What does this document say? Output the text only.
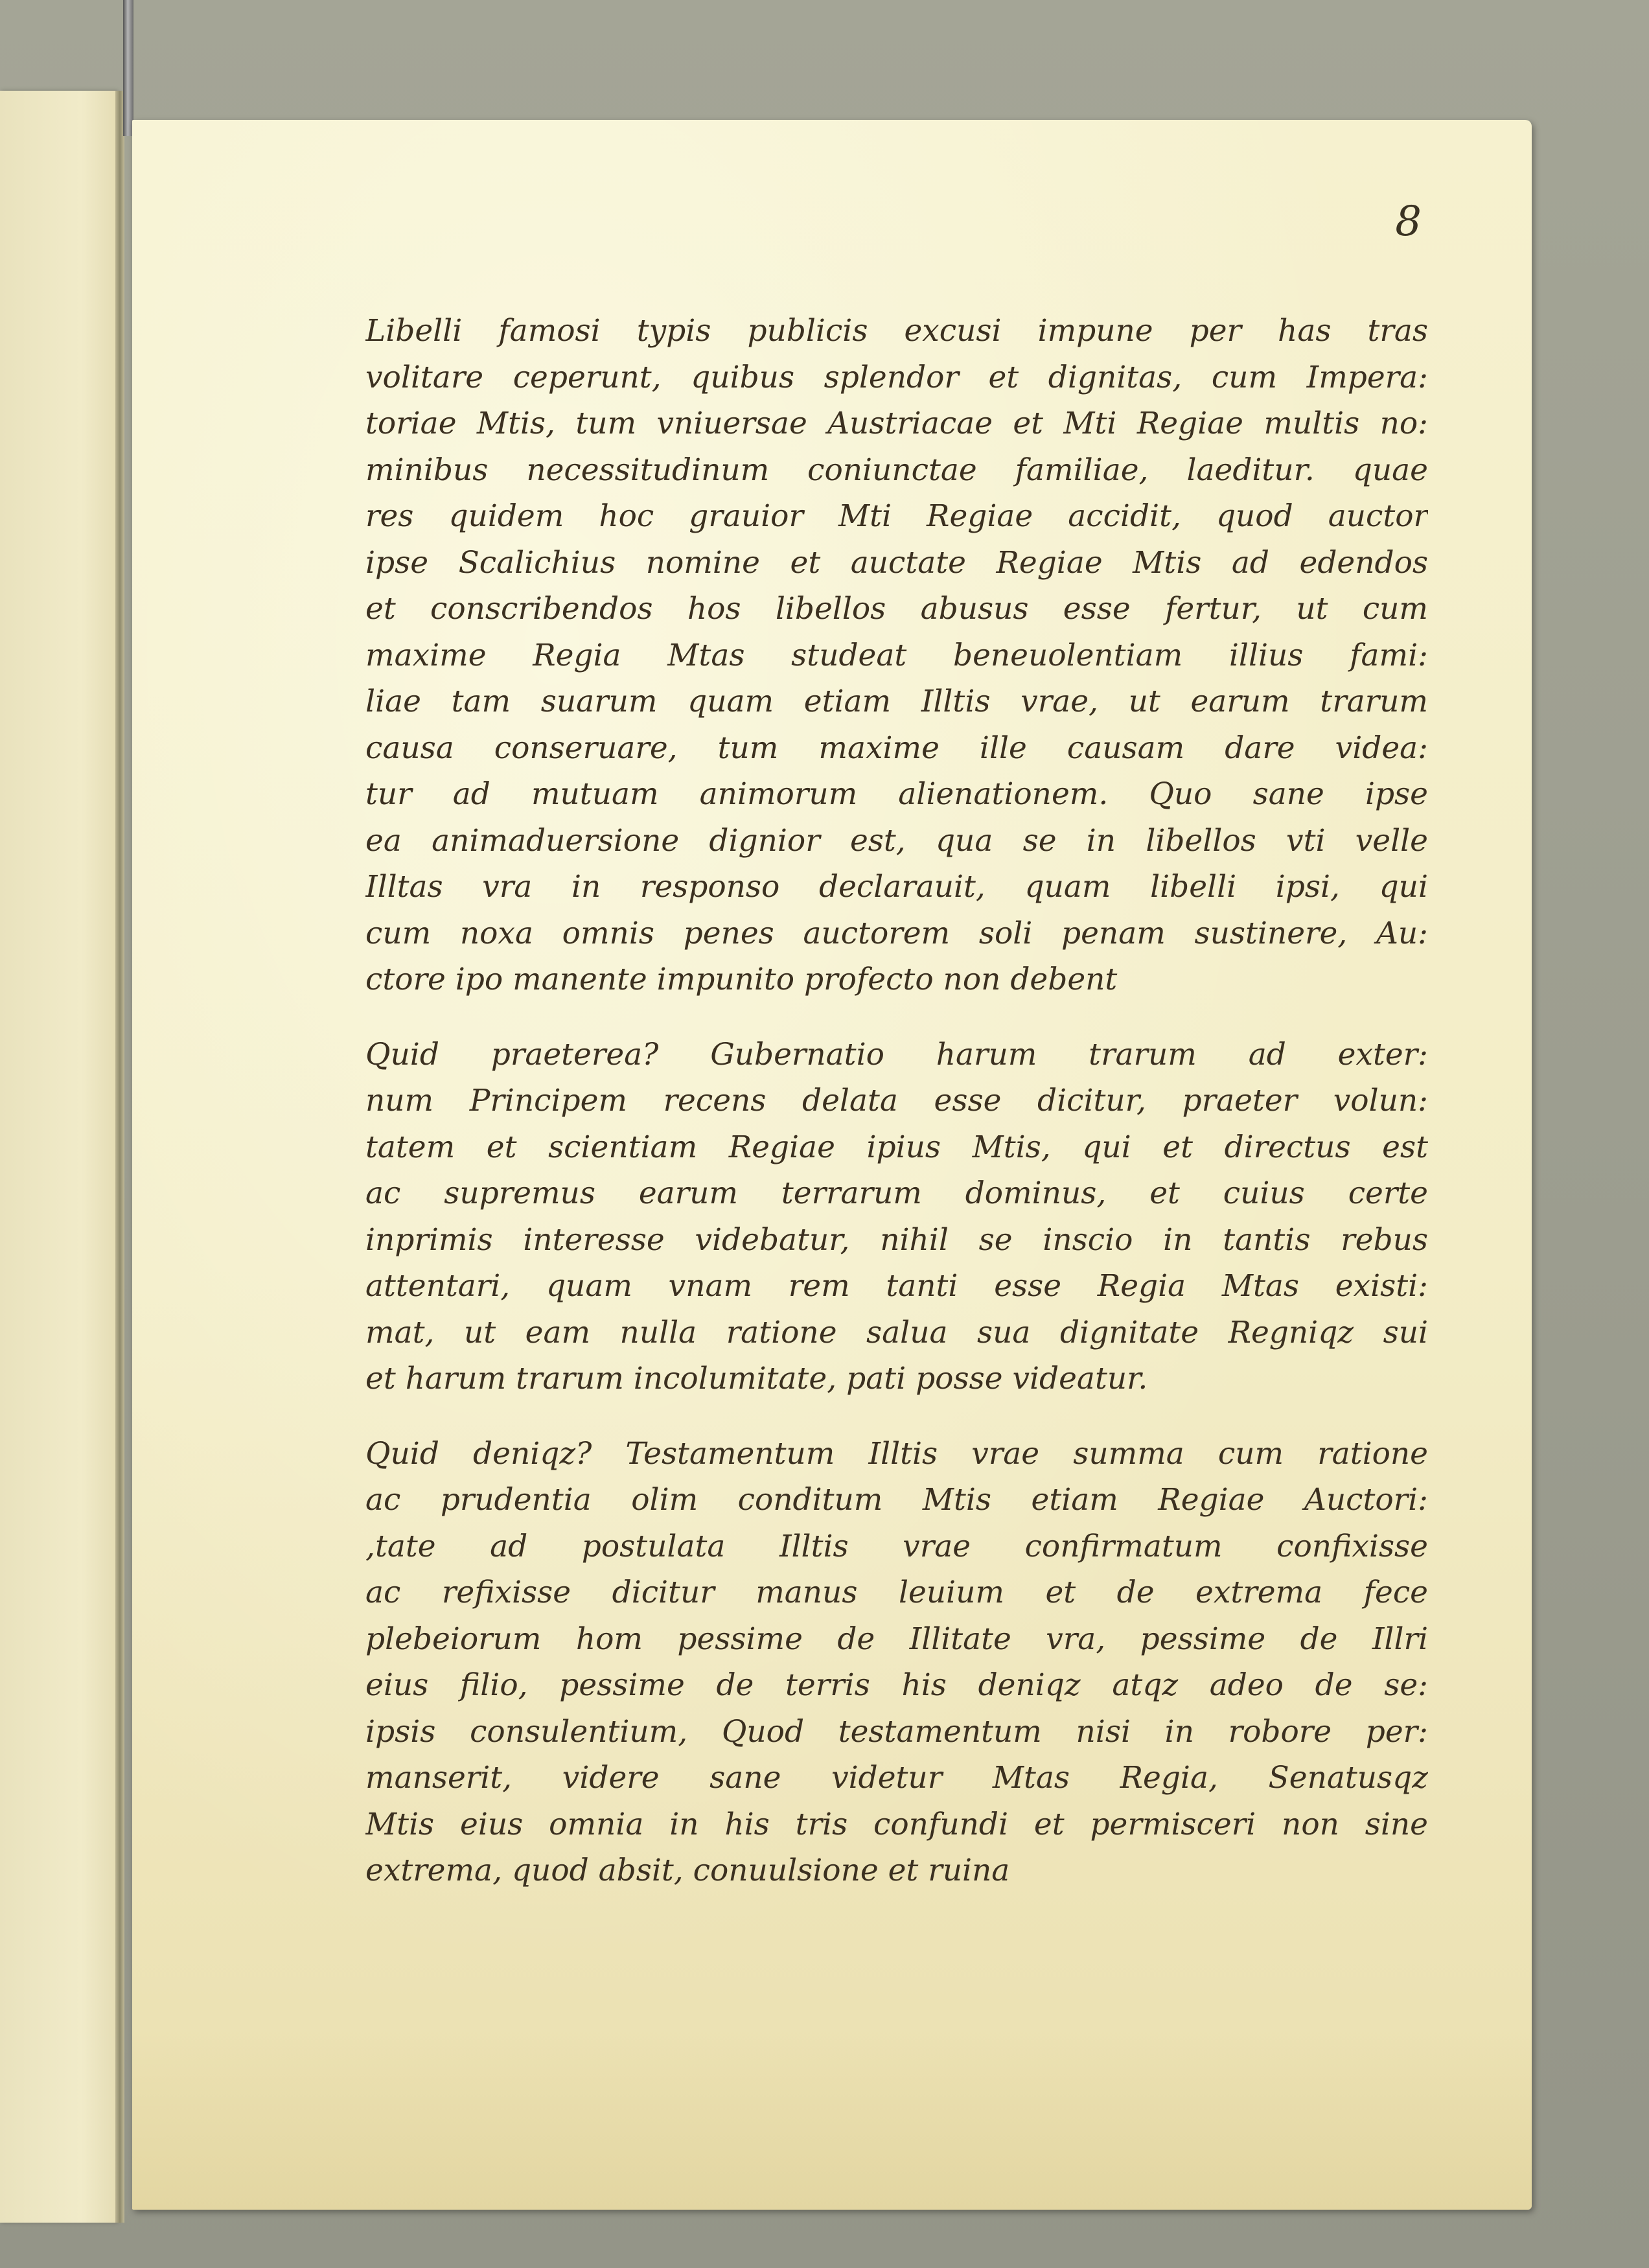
8

Libelli famosi typis publicis excusi impune per has tras
volitare ceperunt, quibus splendor et dignitas, cum Impera:
toriae Mtis, tum vniuersae Austriacae et Mti Regiae multis no:
minibus necessitudinum coniunctae familiae, laeditur. quae
res quidem hoc grauior Mti Regiae accidit, quod auctor
ipse Scalichius nomine et auctate Regiae Mtis ad edendos
et conscribendos hos libellos abusus esse fertur, ut cum
maxime Regia Mtas studeat beneuolentiam illius fami:
liae tam suarum quam etiam Illtis vrae, ut earum trarum
causa conseruare, tum maxime ille causam dare videa:
tur ad mutuam animorum alienationem. Quo sane ipse
ea animaduersione dignior est, qua se in libellos vti velle
Illtas vra in responso declarauit, quam libelli ipsi, qui
cum noxa omnis penes auctorem soli penam sustinere, Au:
ctore ipo manente impunito profecto non debent

Quid praeterea? Gubernatio harum trarum ad exter:
num Principem recens delata esse dicitur, praeter volun:
tatem et scientiam Regiae ipius Mtis, qui et directus est
ac supremus earum terrarum dominus, et cuius certe
inprimis interesse videbatur, nihil se inscio in tantis rebus
attentari, quam vnam rem tanti esse Regia Mtas existi:
mat, ut eam nulla ratione salua sua dignitate Regniqz sui
et harum trarum incolumitate, pati posse videatur.

Quid deniqz? Testamentum Illtis vrae summa cum ratione
ac prudentia olim conditum Mtis etiam Regiae Auctori:
,tate ad postulata Illtis vrae confirmatum confixisse
ac refixisse dicitur manus leuium et de extrema fece
plebeiorum hom pessime de Illitate vra, pessime de Illri
eius filio, pessime de terris his deniqz atqz adeo de se:
ipsis consulentium, Quod testamentum nisi in robore per:
manserit, videre sane videtur Mtas Regia, Senatusqz
Mtis eius omnia in his tris confundi et permisceri non sine
extrema, quod absit, conuulsione et ruina
